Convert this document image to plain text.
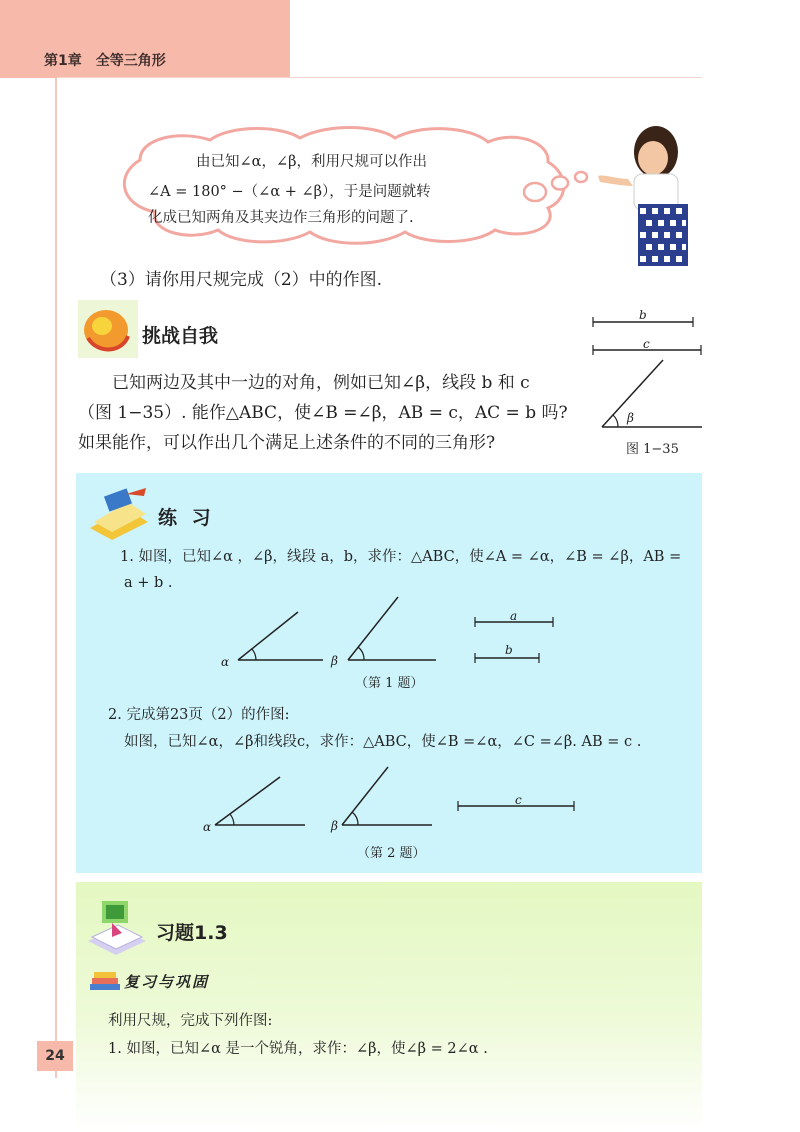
第1章　全等三角形
由已知∠α，∠β，利用尺规可以作出
∠A = 180° −（∠α + ∠β），于是问题就转
化成已知两角及其夹边作三角形的问题了.
（3）请你用尺规完成（2）中的作图.
挑战自我
已知两边及其中一边的对角，例如已知∠β，线段 b 和 c
（图 1−35）. 能作△ABC，使∠B =∠β，AB = c，AC = b 吗?
如果能作，可以作出几个满足上述条件的不同的三角形?
b
c
β
图 1−35
练 习
1. 如图，已知∠α ，∠β，线段 a，b，求作：△ABC，使∠A = ∠α，∠B = ∠β，AB =
a + b .
α	β
a
b
（第 1 题）
2. 完成第23页（2）的作图:
如图，已知∠α，∠β和线段c，求作：△ABC，使∠B =∠α，∠C =∠β. AB = c .
α	β
c
（第 2 题）
习题1.3
复习与巩固
利用尺规，完成下列作图:
1. 如图，已知∠α 是一个锐角，求作：∠β，使∠β = 2∠α .
24
